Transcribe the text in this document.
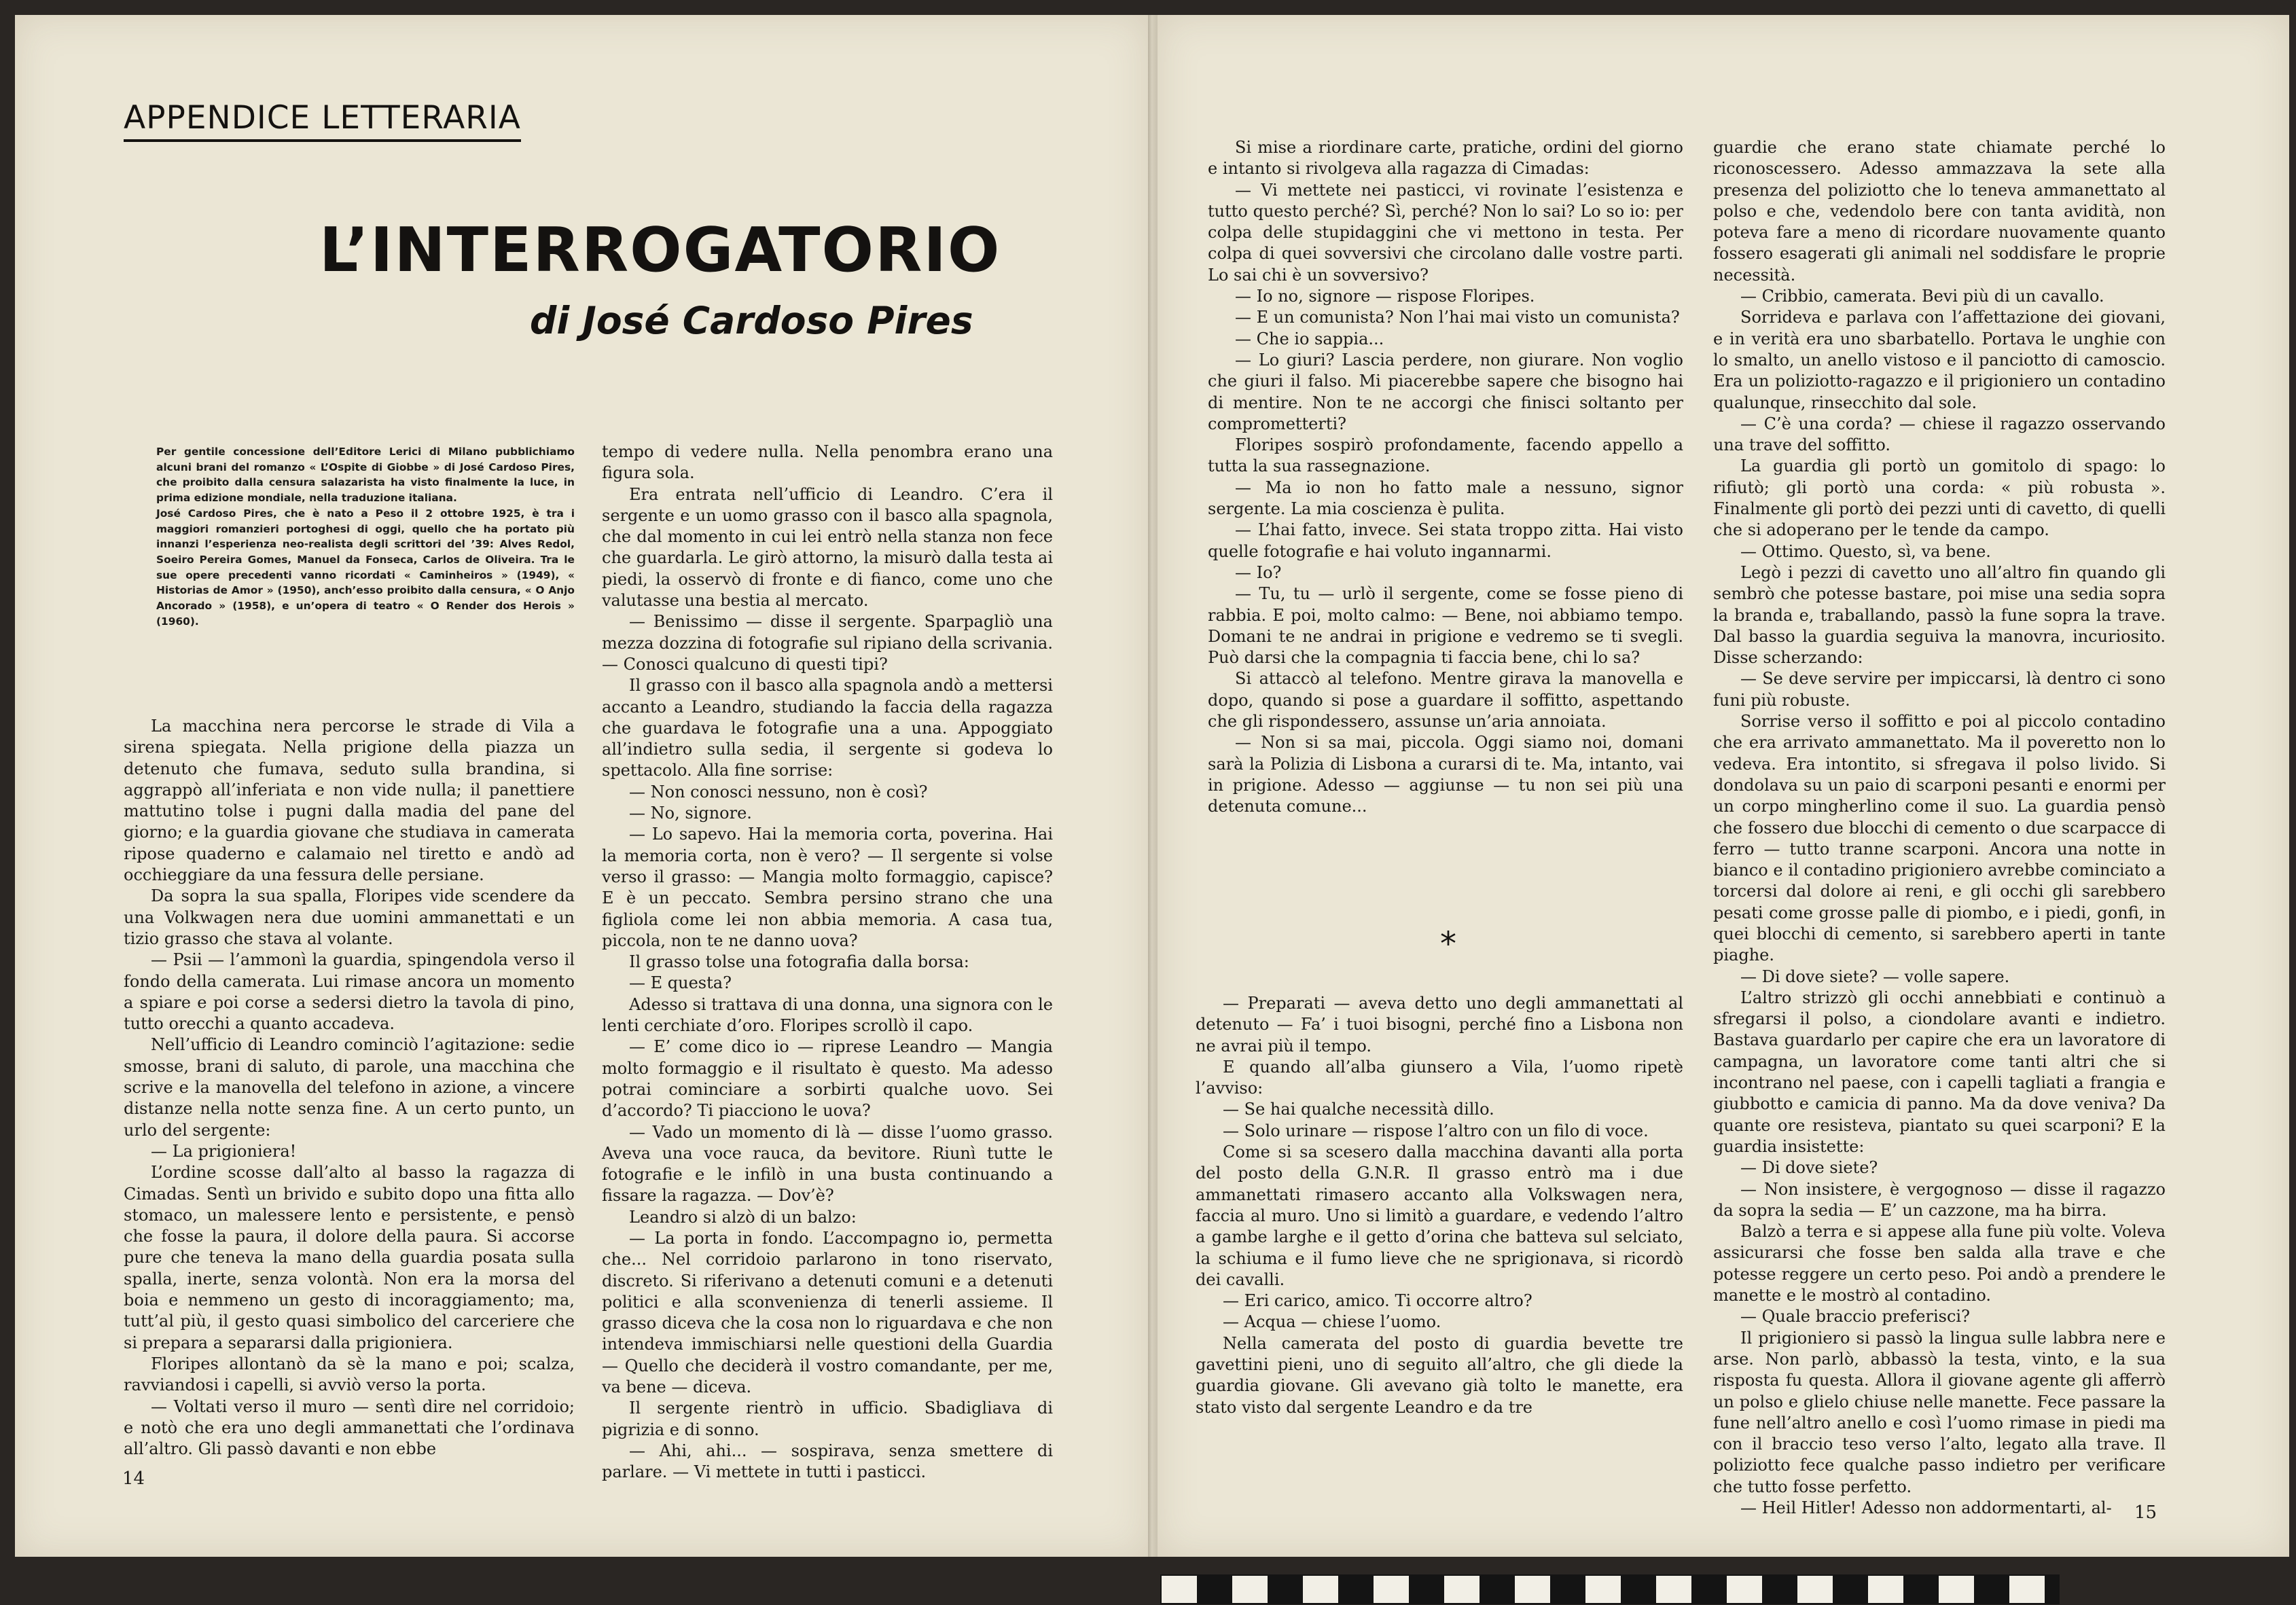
APPENDICE LETTERARIA
L’INTERROGATORIO
di José Cardoso Pires

Per gentile concessione dell’Editore Lerici di Milano pubblichiamo alcuni brani del romanzo « L’Ospite di Giobbe » di José Cardoso Pires, che proibito dalla censura salazarista ha visto finalmente la luce, in prima edizione mondiale, nella traduzione italiana.

José Cardoso Pires, che è nato a Peso il 2 ottobre 1925, è tra i maggiori romanzieri portoghesi di oggi, quello che ha portato più innanzi l’esperienza neo-realista degli scrittori del ’39: Alves Redol, Soeiro Pereira Gomes, Manuel da Fonseca, Carlos de Oliveira. Tra le sue opere precedenti vanno ricordati « Caminheiros » (1949), « Historias de Amor » (1950), anch’esso proibito dalla censura, « O Anjo Ancorado » (1958), e un’opera di teatro « O Render dos Herois » (1960).

La macchina nera percorse le strade di Vila a sirena spiegata. Nella prigione della piazza un detenuto che fumava, seduto sulla brandina, si aggrappò all’inferiata e non vide nulla; il panettiere mattutino tolse i pugni dalla madia del pane del giorno; e la guardia giovane che studiava in camerata ripose quaderno e calamaio nel tiretto e andò ad occhieggiare da una fessura delle persiane.

Da sopra la sua spalla, Floripes vide scendere da una Volkwagen nera due uomini ammanettati e un tizio grasso che stava al volante.

— Psii — l’ammonì la guardia, spingendola verso il fondo della camerata. Lui rimase ancora un momento a spiare e poi corse a sedersi dietro la tavola di pino, tutto orecchi a quanto accadeva.

Nell’ufficio di Leandro cominciò l’agitazione: sedie smosse, brani di saluto, di parole, una macchina che scrive e la manovella del telefono in azione, a vincere distanze nella notte senza fine. A un certo punto, un urlo del sergente:

— La prigioniera!

L’ordine scosse dall’alto al basso la ragazza di Cimadas. Sentì un brivido e subito dopo una fitta allo stomaco, un malessere lento e persistente, e pensò che fosse la paura, il dolore della paura. Si accorse pure che teneva la mano della guardia posata sulla spalla, inerte, senza volontà. Non era la morsa del boia e nemmeno un gesto di incoraggiamento; ma, tutt’al più, il gesto quasi simbolico del carceriere che si prepara a separarsi dalla prigioniera.

Floripes allontanò da sè la mano e poi; scalza, ravviandosi i capelli, si avviò verso la porta.

— Voltati verso il muro — sentì dire nel corridoio; e notò che era uno degli ammanettati che l’ordinava all’altro. Gli passò davanti e non ebbe

tempo di vedere nulla. Nella penombra erano una figura sola.

Era entrata nell’ufficio di Leandro. C’era il sergente e un uomo grasso con il basco alla spagnola, che dal momento in cui lei entrò nella stanza non fece che guardarla. Le girò attorno, la misurò dalla testa ai piedi, la osservò di fronte e di fianco, come uno che valutasse una bestia al mercato.

— Benissimo — disse il sergente. Sparpagliò una mezza dozzina di fotografie sul ripiano della scrivania. — Conosci qualcuno di questi tipi?

Il grasso con il basco alla spagnola andò a mettersi accanto a Leandro, studiando la faccia della ragazza che guardava le fotografie una a una. Appoggiato all’indietro sulla sedia, il sergente si godeva lo spettacolo. Alla fine sorrise:

— Non conosci nessuno, non è così?

— No, signore.

— Lo sapevo. Hai la memoria corta, poverina. Hai la memoria corta, non è vero? — Il sergente si volse verso il grasso: — Mangia molto formaggio, capisce? E è un peccato. Sembra persino strano che una figliola come lei non abbia memoria. A casa tua, piccola, non te ne danno uova?

Il grasso tolse una fotografia dalla borsa:

— E questa?

Adesso si trattava di una donna, una signora con le lenti cerchiate d’oro. Floripes scrollò il capo.

— E’ come dico io — riprese Leandro — Mangia molto formaggio e il risultato è questo. Ma adesso potrai cominciare a sorbirti qualche uovo. Sei d’accordo? Ti piacciono le uova?

— Vado un momento di là — disse l’uomo grasso. Aveva una voce rauca, da bevitore. Riunì tutte le fotografie e le infilò in una busta continuando a fissare la ragazza. — Dov’è?

Leandro si alzò di un balzo:

— La porta in fondo. L’accompagno io, permetta che... Nel corridoio parlarono in tono riservato, discreto. Si riferivano a detenuti comuni e a detenuti politici e alla sconvenienza di tenerli assieme. Il grasso diceva che la cosa non lo riguardava e che non intendeva immischiarsi nelle questioni della Guardia — Quello che deciderà il vostro comandante, per me, va bene — diceva.

Il sergente rientrò in ufficio. Sbadigliava di pigrizia e di sonno.

— Ahi, ahi... — sospirava, senza smettere di parlare. — Vi mettete in tutti i pasticci.

Si mise a riordinare carte, pratiche, ordini del giorno e intanto si rivolgeva alla ragazza di Cimadas:

— Vi mettete nei pasticci, vi rovinate l’esistenza e tutto questo perché? Sì, perché? Non lo sai? Lo so io: per colpa delle stupidaggini che vi mettono in testa. Per colpa di quei sovversivi che circolano dalle vostre parti. Lo sai chi è un sovversivo?

— Io no, signore — rispose Floripes.

— E un comunista? Non l’hai mai visto un comunista?

— Che io sappia...

— Lo giuri? Lascia perdere, non giurare. Non voglio che giuri il falso. Mi piacerebbe sapere che bisogno hai di mentire. Non te ne accorgi che finisci soltanto per comprometterti?

Floripes sospirò profondamente, facendo appello a tutta la sua rassegnazione.

— Ma io non ho fatto male a nessuno, signor sergente. La mia coscienza è pulita.

— L’hai fatto, invece. Sei stata troppo zitta. Hai visto quelle fotografie e hai voluto ingannarmi.

— Io?

— Tu, tu — urlò il sergente, come se fosse pieno di rabbia. E poi, molto calmo: — Bene, noi abbiamo tempo. Domani te ne andrai in prigione e vedremo se ti svegli. Può darsi che la compagnia ti faccia bene, chi lo sa?

Si attaccò al telefono. Mentre girava la manovella e dopo, quando si pose a guardare il soffitto, aspettando che gli rispondessero, assunse un’aria annoiata.

— Non si sa mai, piccola. Oggi siamo noi, domani sarà la Polizia di Lisbona a curarsi di te. Ma, intanto, vai in prigione. Adesso — aggiunse — tu non sei più una detenuta comune...

*

— Preparati — aveva detto uno degli ammanettati al detenuto — Fa’ i tuoi bisogni, perché fino a Lisbona non ne avrai più il tempo.

E quando all’alba giunsero a Vila, l’uomo ripetè l’avviso:

— Se hai qualche necessità dillo.

— Solo urinare — rispose l’altro con un filo di voce.

Come si sa scesero dalla macchina davanti alla porta del posto della G.N.R. Il grasso entrò ma i due ammanettati rimasero accanto alla Volkswagen nera, faccia al muro. Uno si limitò a guardare, e vedendo l’altro a gambe larghe e il getto d’orina che batteva sul selciato, la schiuma e il fumo lieve che ne sprigionava, si ricordò dei cavalli.

— Eri carico, amico. Ti occorre altro?

— Acqua — chiese l’uomo.

Nella camerata del posto di guardia bevette tre gavettini pieni, uno di seguito all’altro, che gli diede la guardia giovane. Gli avevano già tolto le manette, era stato visto dal sergente Leandro e da tre

guardie che erano state chiamate perché lo riconoscessero. Adesso ammazzava la sete alla presenza del poliziotto che lo teneva ammanettato al polso e che, vedendolo bere con tanta avidità, non poteva fare a meno di ricordare nuovamente quanto fossero esagerati gli animali nel soddisfare le proprie necessità.

— Cribbio, camerata. Bevi più di un cavallo.

Sorrideva e parlava con l’affettazione dei giovani, e in verità era uno sbarbatello. Portava le unghie con lo smalto, un anello vistoso e il panciotto di camoscio. Era un poliziotto-ragazzo e il prigioniero un contadino qualunque, rinsecchito dal sole.

— C’è una corda? — chiese il ragazzo osservando una trave del soffitto.

La guardia gli portò un gomitolo di spago: lo rifiutò; gli portò una corda: « più robusta ». Finalmente gli portò dei pezzi unti di cavetto, di quelli che si adoperano per le tende da campo.

— Ottimo. Questo, sì, va bene.

Legò i pezzi di cavetto uno all’altro fin quando gli sembrò che potesse bastare, poi mise una sedia sopra la branda e, traballando, passò la fune sopra la trave. Dal basso la guardia seguiva la manovra, incuriosito. Disse scherzando:

— Se deve servire per impiccarsi, là dentro ci sono funi più robuste.

Sorrise verso il soffitto e poi al piccolo contadino che era arrivato ammanettato. Ma il poveretto non lo vedeva. Era intontito, si sfregava il polso livido. Si dondolava su un paio di scarponi pesanti e enormi per un corpo mingherlino come il suo. La guardia pensò che fossero due blocchi di cemento o due scarpacce di ferro — tutto tranne scarponi. Ancora una notte in bianco e il contadino prigioniero avrebbe cominciato a torcersi dal dolore ai reni, e gli occhi gli sarebbero pesati come grosse palle di piombo, e i piedi, gonfi, in quei blocchi di cemento, si sarebbero aperti in tante piaghe.

— Di dove siete? — volle sapere.

L’altro strizzò gli occhi annebbiati e continuò a sfregarsi il polso, a ciondolare avanti e indietro. Bastava guardarlo per capire che era un lavoratore di campagna, un lavoratore come tanti altri che si incontrano nel paese, con i capelli tagliati a frangia e giubbotto e camicia di panno. Ma da dove veniva? Da quante ore resisteva, piantato su quei scarponi? E la guardia insistette:

— Di dove siete?

— Non insistere, è vergognoso — disse il ragazzo da sopra la sedia — E’ un cazzone, ma ha birra.

Balzò a terra e si appese alla fune più volte. Voleva assicurarsi che fosse ben salda alla trave e che potesse reggere un certo peso. Poi andò a prendere le manette e le mostrò al contadino.

— Quale braccio preferisci?

Il prigioniero si passò la lingua sulle labbra nere e arse. Non parlò, abbassò la testa, vinto, e la sua risposta fu questa. Allora il giovane agente gli afferrò un polso e glielo chiuse nelle manette. Fece passare la fune nell’altro anello e così l’uomo rimase in piedi ma con il braccio teso verso l’alto, legato alla trave. Il poliziotto fece qualche passo indietro per verificare che tutto fosse perfetto.

— Heil Hitler! Adesso non addormentarti, al-

14
15
